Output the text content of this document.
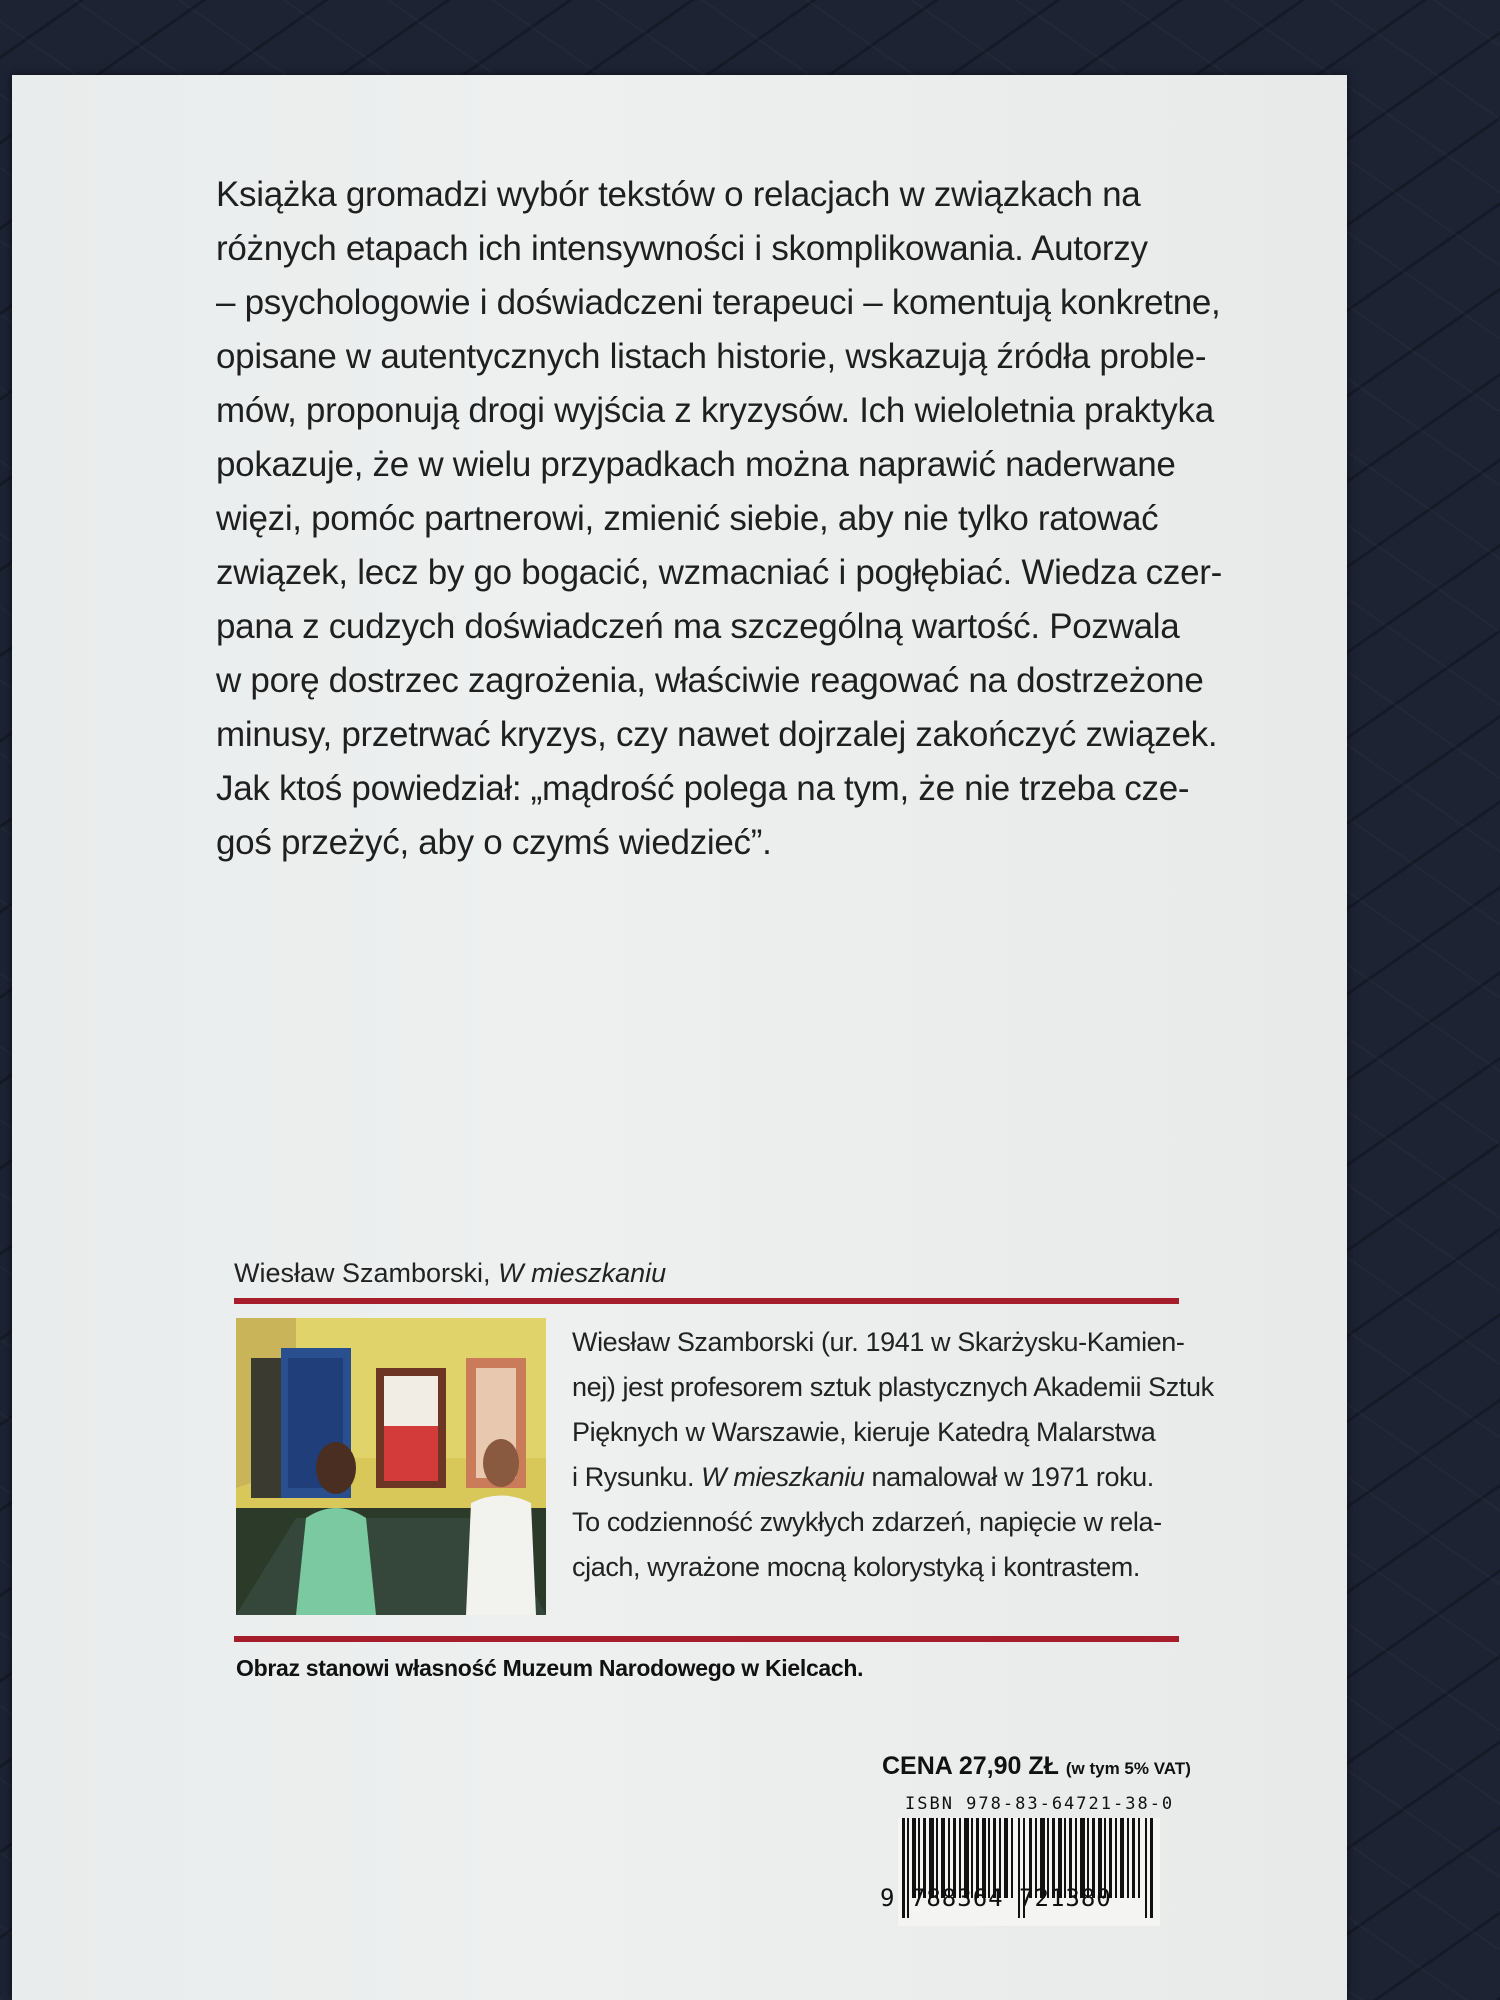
Książka gromadzi wybór tekstów o relacjach w związkach na
różnych etapach ich intensywności i skomplikowania. Autorzy
– psychologowie i doświadczeni terapeuci – komentują konkretne,
opisane w autentycznych listach historie, wskazują źródła proble-
mów, proponują drogi wyjścia z kryzysów. Ich wieloletnia praktyka
pokazuje, że w wielu przypadkach można naprawić naderwane
więzi, pomóc partnerowi, zmienić siebie, aby nie tylko ratować
związek, lecz by go bogacić, wzmacniać i pogłębiać. Wiedza czer-
pana z cudzych doświadczeń ma szczególną wartość. Pozwala
w porę dostrzec zagrożenia, właściwie reagować na dostrzeżone
minusy, przetrwać kryzys, czy nawet dojrzalej zakończyć związek.
Jak ktoś powiedział: „mądrość polega na tym, że nie trzeba cze-
goś przeżyć, aby o czymś wiedzieć”.
Wiesław Szamborski, W mieszkaniu
Wiesław Szamborski (ur. 1941 w Skarżysku-Kamien-
nej) jest profesorem sztuk plastycznych Akademii Sztuk
Pięknych w Warszawie, kieruje Katedrą Malarstwa
i Rysunku. W mieszkaniu namalował w 1971 roku.
To codzienność zwykłych zdarzeń, napięcie w rela-
cjach, wyrażone mocną kolorystyką i kontrastem.
Obraz stanowi własność Muzeum Narodowego w Kielcach.
CENA 27,90 ZŁ (w tym 5% VAT)
ISBN 978-83-64721-38-0
9 788364 721380
